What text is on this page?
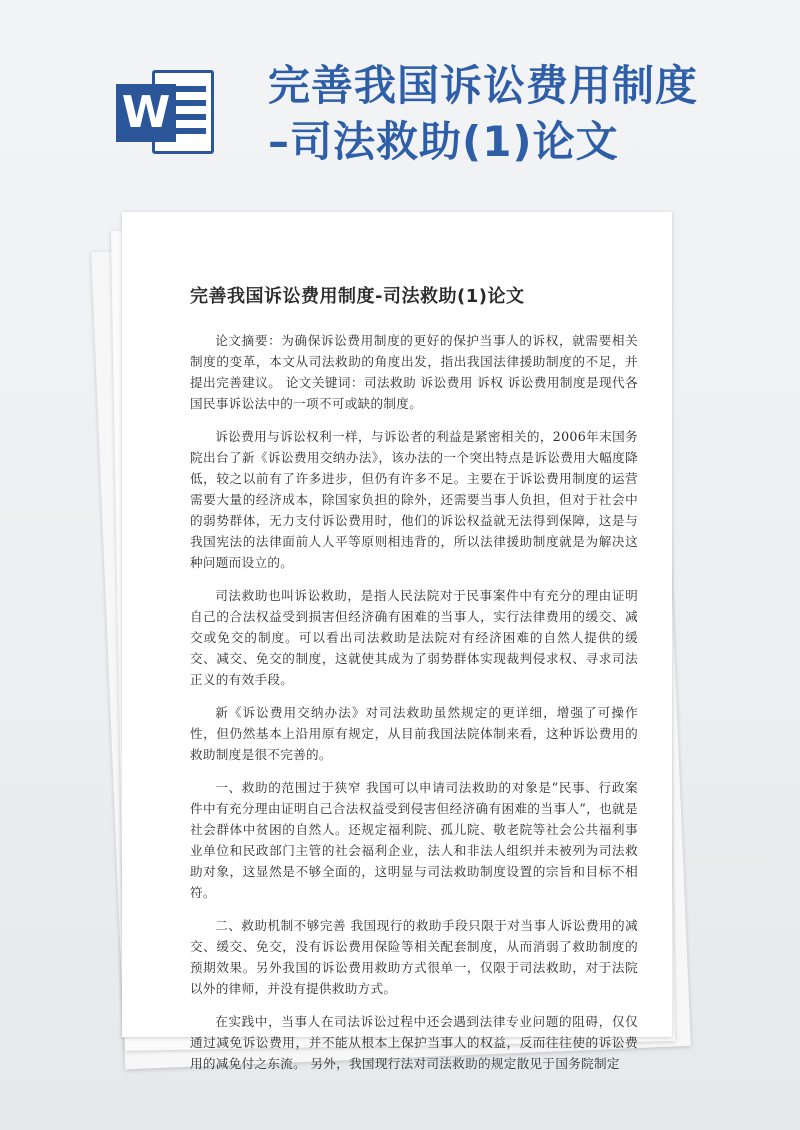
W
完善我国诉讼费用制度
–司法救助(1)论文
完善我国诉讼费用制度-司法救助(1)论文

论文摘要：为确保诉讼费用制度的更好的保护当事人的诉权，就需要相关制度的变革，本文从司法救助的角度出发，指出我国法律援助制度的不足，并提出完善建议。 论文关键词：司法救助 诉讼费用 诉权 诉讼费用制度是现代各国民事诉讼法中的一项不可或缺的制度。

诉讼费用与诉讼权利一样，与诉讼者的利益是紧密相关的，2006年末国务院出台了新《诉讼费用交纳办法》，该办法的一个突出特点是诉讼费用大幅度降低，较之以前有了许多进步，但仍有许多不足。主要在于诉讼费用制度的运营需要大量的经济成本，除国家负担的除外，还需要当事人负担，但对于社会中的弱势群体，无力支付诉讼费用时，他们的诉讼权益就无法得到保障，这是与我国宪法的法律面前人人平等原则相违背的，所以法律援助制度就是为解决这种问题而设立的。

司法救助也叫诉讼救助，是指人民法院对于民事案件中有充分的理由证明自己的合法权益受到损害但经济确有困难的当事人，实行法律费用的缓交、减交或免交的制度。可以看出司法救助是法院对有经济困难的自然人提供的缓交、减交、免交的制度，这就使其成为了弱势群体实现裁判侵求权、寻求司法正义的有效手段。

新《诉讼费用交纳办法》对司法救助虽然规定的更详细，增强了可操作性，但仍然基本上沿用原有规定，从目前我国法院体制来看，这种诉讼费用的救助制度是很不完善的。

一、救助的范围过于狭窄 我国可以申请司法救助的对象是“民事、行政案件中有充分理由证明自己合法权益受到侵害但经济确有困难的当事人”，也就是社会群体中贫困的自然人。还规定福利院、孤儿院、敬老院等社会公共福利事业单位和民政部门主管的社会福利企业，法人和非法人组织并未被列为司法救助对象，这显然是不够全面的，这明显与司法救助制度设置的宗旨和目标不相符。

二、救助机制不够完善 我国现行的救助手段只限于对当事人诉讼费用的减交、缓交、免交，没有诉讼费用保险等相关配套制度，从而消弱了救助制度的预期效果。另外我国的诉讼费用救助方式很单一，仅限于司法救助，对于法院以外的律师，并没有提供救助方式。

在实践中，当事人在司法诉讼过程中还会遇到法律专业问题的阻碍，仅仅通过减免诉讼费用，并不能从根本上保护当事人的权益，反而往往使的诉讼费用的减免付之东流。 另外，我国现行法对司法救助的规定散见于国务院制定
